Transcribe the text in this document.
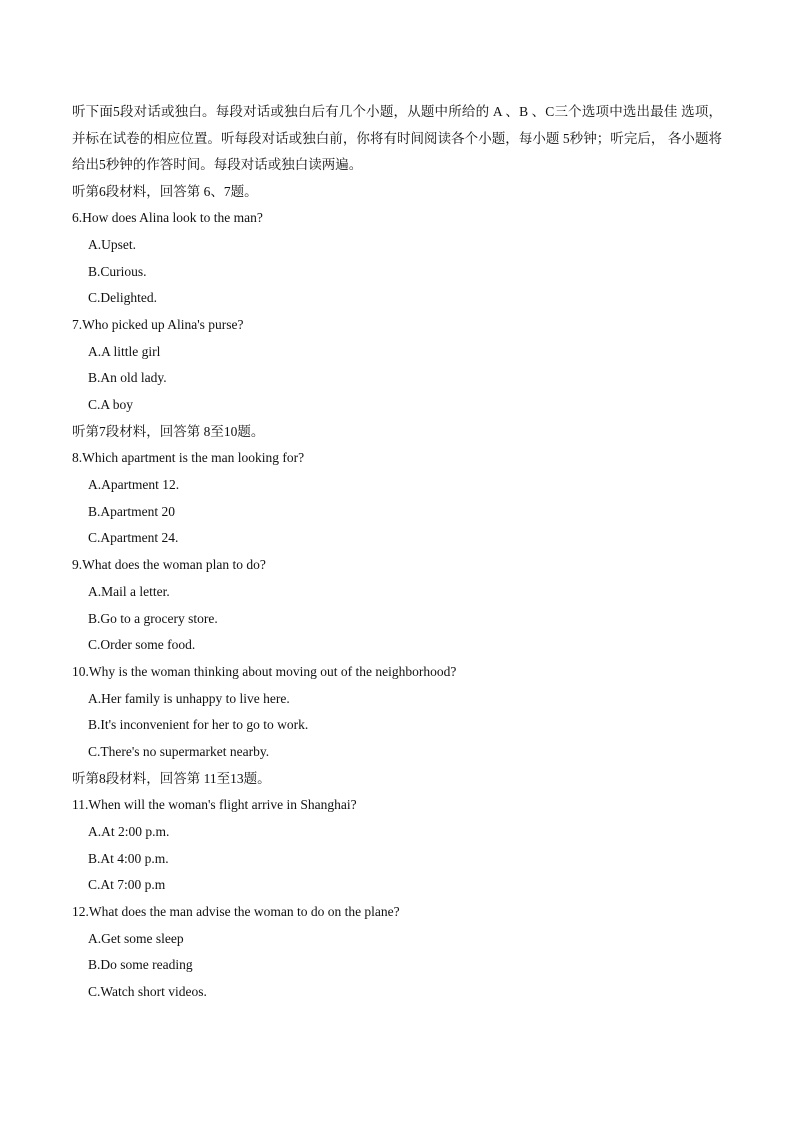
听下面5段对话或独白。每段对话或独白后有几个小题，从题中所给的 A 、B 、C三个选项中选出最佳 选项，并标在试卷的相应位置。听每段对话或独白前，你将有时间阅读各个小题，每小题 5秒钟；听完后， 各小题将给出5秒钟的作答时间。每段对话或独白读两遍。

听第6段材料，回答第 6、7题。
6.How does Alina look to the man?
A.Upset.
B.Curious.
C.Delighted.
7.Who picked up Alina's purse?
A.A little girl
B.An old lady.
C.A boy
听第7段材料，回答第 8至10题。
8.Which apartment is the man looking for?
A.Apartment 12.
B.Apartment 20
C.Apartment 24.
9.What does the woman plan to do?
A.Mail a letter.
B.Go to a grocery store.
C.Order some food.
10.Why is the woman thinking about moving out of the neighborhood?
A.Her family is unhappy to live here.
B.It's inconvenient for her to go to work.
C.There's no supermarket nearby.
听第8段材料，回答第 11至13题。
11.When will the woman's flight arrive in Shanghai?
A.At 2:00 p.m.
B.At 4:00 p.m.
C.At 7:00 p.m
12.What does the man advise the woman to do on the plane?
A.Get some sleep
B.Do some reading
C.Watch short videos.
